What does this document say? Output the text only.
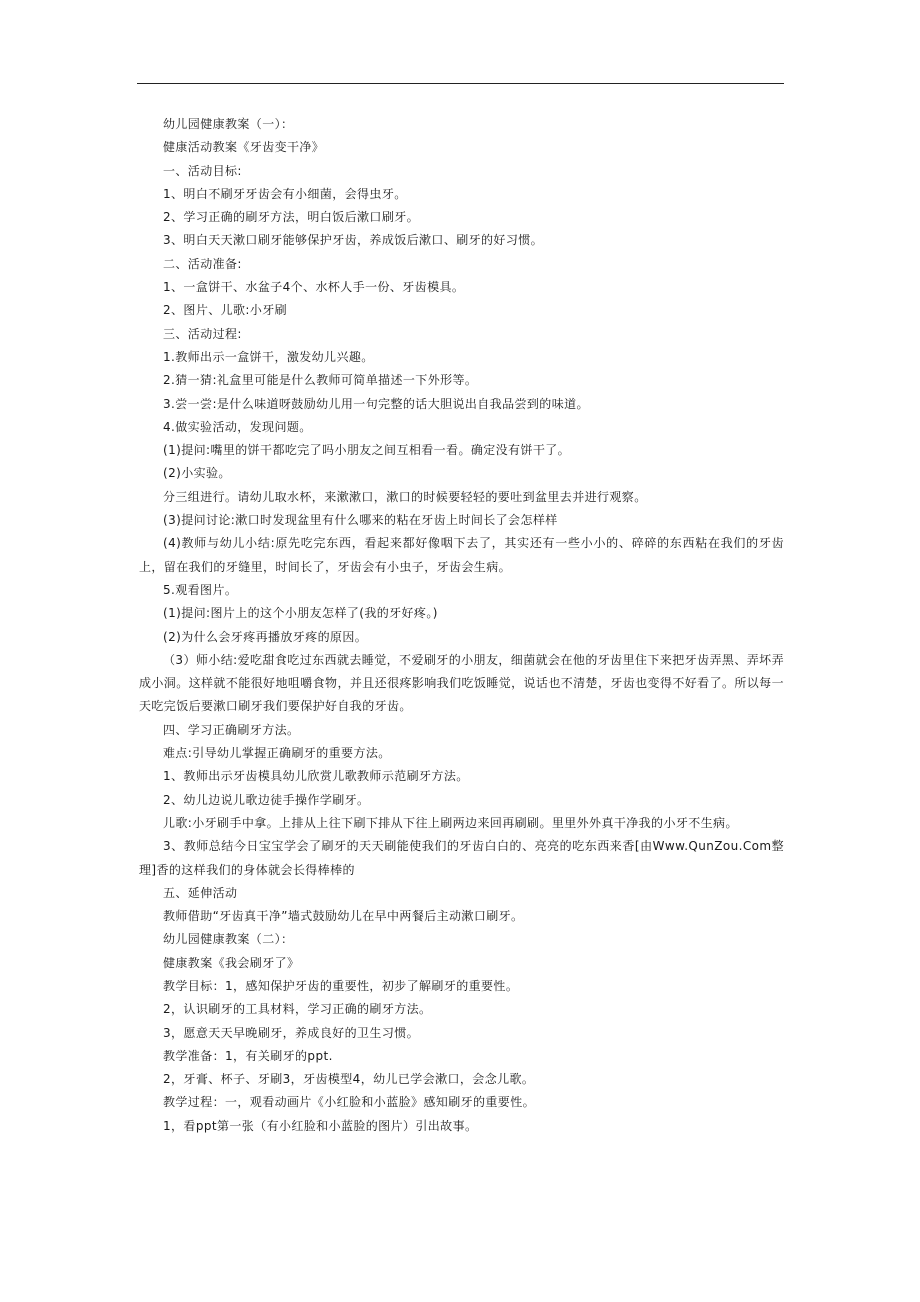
幼儿园健康教案（一）：

健康活动教案《牙齿变干净》

一、活动目标:

1、明白不刷牙牙齿会有小细菌，会得虫牙。

2、学习正确的刷牙方法，明白饭后漱口刷牙。

3、明白天天漱口刷牙能够保护牙齿，养成饭后漱口、刷牙的好习惯。

二、活动准备:

1、一盒饼干、水盆子4个、水杯人手一份、牙齿模具。

2、图片、儿歌:小牙刷

三、活动过程:

1.教师出示一盒饼干，激发幼儿兴趣。

2.猜一猜:礼盒里可能是什么教师可简单描述一下外形等。

3.尝一尝:是什么味道呀鼓励幼儿用一句完整的话大胆说出自我品尝到的味道。

4.做实验活动，发现问题。

(1)提问:嘴里的饼干都吃完了吗小朋友之间互相看一看。确定没有饼干了。

(2)小实验。

分三组进行。请幼儿取水杯，来漱漱口，漱口的时候要轻轻的要吐到盆里去并进行观察。

(3)提问讨论:漱口时发现盆里有什么哪来的粘在牙齿上时间长了会怎样样

(4)教师与幼儿小结:原先吃完东西，看起来都好像咽下去了，其实还有一些小小的、碎碎的东西粘在我们的牙齿上，留在我们的牙缝里，时间长了，牙齿会有小虫子，牙齿会生病。

5.观看图片。

(1)提问:图片上的这个小朋友怎样了(我的牙好疼。)

(2)为什么会牙疼再播放牙疼的原因。

（3）师小结:爱吃甜食吃过东西就去睡觉，不爱刷牙的小朋友，细菌就会在他的牙齿里住下来把牙齿弄黑、弄坏弄成小洞。这样就不能很好地咀嚼食物，并且还很疼影响我们吃饭睡觉，说话也不清楚，牙齿也变得不好看了。所以每一天吃完饭后要漱口刷牙我们要保护好自我的牙齿。

四、学习正确刷牙方法。

难点:引导幼儿掌握正确刷牙的重要方法。

1、教师出示牙齿模具幼儿欣赏儿歌教师示范刷牙方法。

2、幼儿边说儿歌边徒手操作学刷牙。

儿歌:小牙刷手中拿。上排从上往下刷下排从下往上刷两边来回再刷刷。里里外外真干净我的小牙不生病。

3、教师总结今日宝宝学会了刷牙的天天刷能使我们的牙齿白白的、亮亮的吃东西来香[由Www.QunZou.Com整理]香的这样我们的身体就会长得棒棒的

五、延伸活动

教师借助“牙齿真干净”墙式鼓励幼儿在早中两餐后主动漱口刷牙。

幼儿园健康教案（二）：

健康教案《我会刷牙了》

教学目标：1，感知保护牙齿的重要性，初步了解刷牙的重要性。

2，认识刷牙的工具材料，学习正确的刷牙方法。

3，愿意天天早晚刷牙，养成良好的卫生习惯。

教学准备：1，有关刷牙的ppt.

2，牙膏、杯子、牙刷3，牙齿模型4，幼儿已学会漱口，会念儿歌。

教学过程：一，观看动画片《小红脸和小蓝脸》感知刷牙的重要性。

1，看ppt第一张（有小红脸和小蓝脸的图片）引出故事。
